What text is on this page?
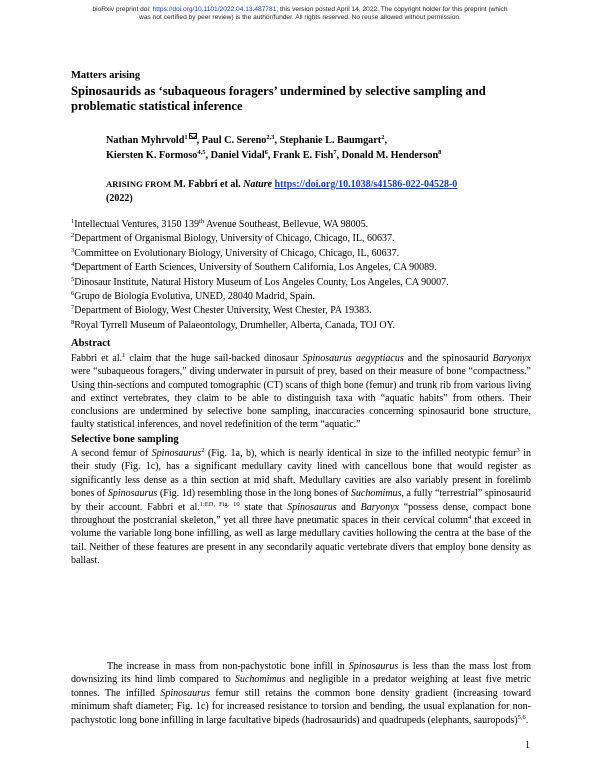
bioRxiv preprint doi: https://doi.org/10.1101/2022.04.13.487781; this version posted April 14, 2022. The copyright holder for this preprint (which
was not certified by peer review) is the author/funder. All rights reserved. No reuse allowed without permission.
Matters arising
Spinosaurids as ‘subaqueous foragers’ undermined by selective sampling and problematic statistical inference
Nathan Myhrvold$^1$ , Paul C. Sereno$^{2,3}$, Stephanie L. Baumgart$^2$,
Kiersten K. Formoso$^{4,5}$, Daniel Vidal$^6$, Frank E. Fish$^7$, Donald M. Henderson$^8$
ARISING FROM M. Fabbri et al. Nature https://doi.org/10.1038/s41586-022-04528-0
(2022)
$^1$Intellectual Ventures, 3150 139th Avenue Southeast, Bellevue, WA 98005.
$^2$Department of Organismal Biology, University of Chicago, Chicago, IL, 60637.
$^3$Committee on Evolutionary Biology, University of Chicago, Chicago, IL, 60637.
$^4$Department of Earth Sciences, University of Southern California, Los Angeles, CA 90089.
$^5$Dinosaur Institute, Natural History Museum of Los Angeles County, Los Angeles, CA 90007.
$^6$Grupo de Biología Evolutiva, UNED, 28040 Madrid, Spain.
$^7$Department of Biology, West Chester University, West Chester, PA 19383.
$^8$Royal Tyrrell Museum of Palaeontology, Drumheller, Alberta, Canada, TOJ OY.
Abstract
Fabbri et al.$^1$ claim that the huge sail-backed dinosaur Spinosaurus aegyptiacus and the spinosaurid Baryonyx were “subaqueous foragers,” diving underwater in pursuit of prey, based on their measure of bone “compactness.” Using thin-sections and computed tomographic (CT) scans of thigh bone (femur) and trunk rib from various living and extinct vertebrates, they claim to be able to distinguish taxa with “aquatic habits” from others. Their conclusions are undermined by selective bone sampling, inaccuracies concerning spinosaurid bone structure, faulty statistical inferences, and novel redefinition of the term “aquatic.”
Selective bone sampling
A second femur of Spinosaurus$^2$ (Fig. 1a, b), which is nearly identical in size to the infilled neotypic femur$^3$ in their study (Fig. 1c), has a significant medullary cavity lined with cancellous bone that would register as significantly less dense as a thin section at mid shaft. Medullary cavities are also variably present in forelimb bones of Spinosaurus (Fig. 1d) resembling those in the long bones of Suchomimus, a fully “terrestrial” spinosaurid by their account. Fabbri et al.$^{1:ED, Fig. 10}$ state that Spinosaurus and Baryonyx “possess dense, compact bone throughout the postcranial skeleton,” yet all three have pneumatic spaces in their cervical column$^4$ that exceed in volume the variable long bone infilling, as well as large medullary cavities hollowing the centra at the base of the tail. Neither of these features are present in any secondarily aquatic vertebrate divers that employ bone density as ballast.
The increase in mass from non-pachystotic bone infill in Spinosaurus is less than the mass lost from downsizing its hind limb compared to Suchomimus and negligible in a predator weighing at least five metric tonnes. The infilled Spinosaurus femur still retains the common bone density gradient (increasing toward minimum shaft diameter; Fig. 1c) for increased resistance to torsion and bending, the usual explanation for non-pachystotic long bone infilling in large facultative bipeds (hadrosaurids) and quadrupeds (elephants, sauropods)$^{5,6}$.
1
